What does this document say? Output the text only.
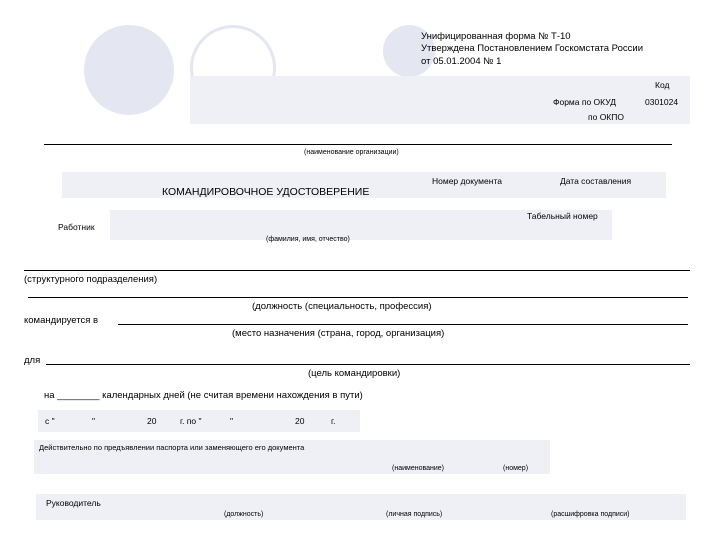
Унифицированная форма № Т-10
Утверждена Постановлением Госкомстата России
от 05.01.2004 № 1
Код
Форма по ОКУД	0301024
по ОКПО
(наименование организации)
КОМАНДИРОВОЧНОЕ УДОСТОВЕРЕНИЕ
Номер документа	Дата составления
Табельный номер
Работник
(фамилия, имя, отчество)
(структурного подразделения)
(должность (специальность, профессия)
командируется в
(место назначения (страна, город, организация)
для
(цель командировки)
на ________ календарных дней (не считая времени нахождения в пути)
с "	"	20	г. по "	"	20	г.
Действительно по предъявлении паспорта или заменяющего его документа
(наименование)	(номер)
Руководитель
(должность)	(личная подпись)	(расшифровка подписи)
